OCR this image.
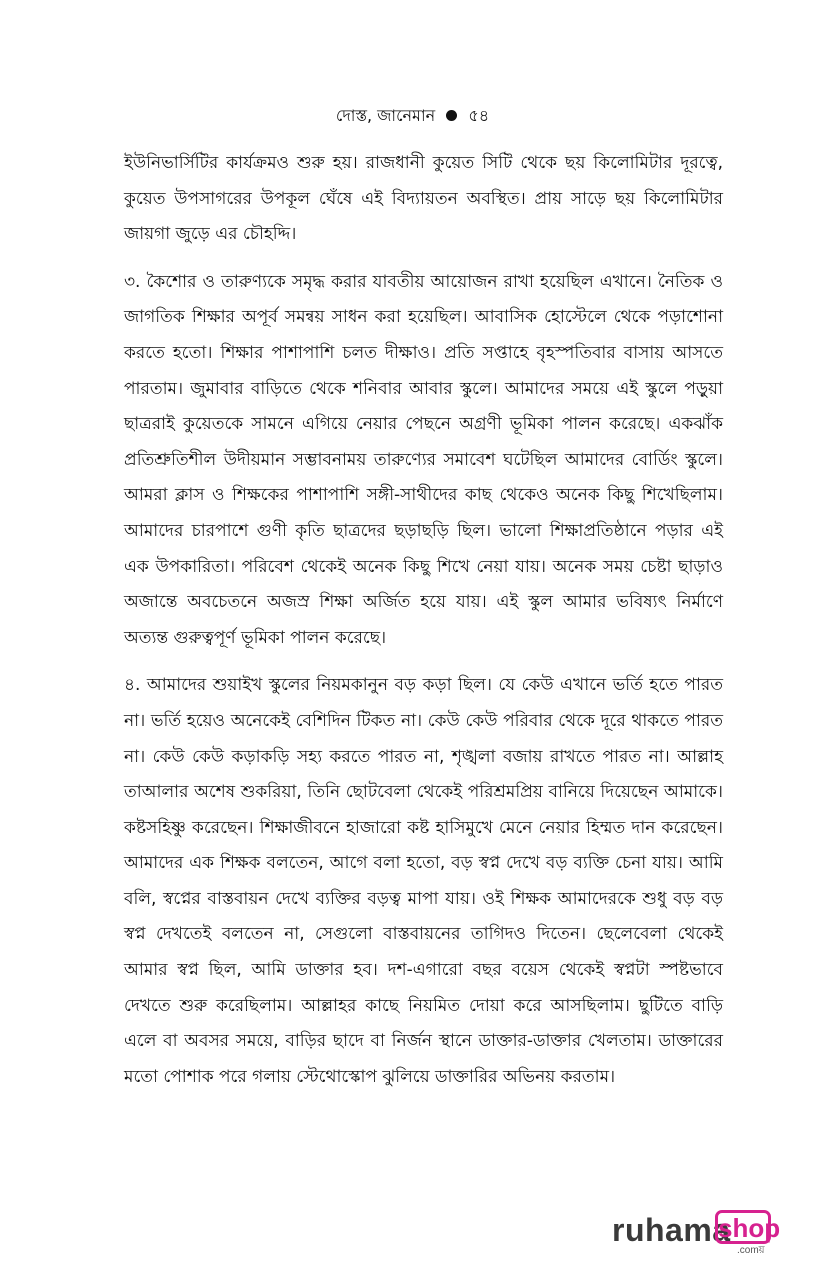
দোস্ত, জানেমান ৫৪

ইউনিভার্সিটির কার্যক্রমও শুরু হয়। রাজধানী কুয়েত সিটি থেকে ছয় কিলোমিটার দূরত্বে, কুয়েত উপসাগরের উপকূল ঘেঁষে এই বিদ্যায়তন অবস্থিত। প্রায় সাড়ে ছয় কিলোমিটার জায়গা জুড়ে এর চৌহদ্দি।

৩. কৈশোর ও তারুণ্যকে সমৃদ্ধ করার যাবতীয় আয়োজন রাখা হয়েছিল এখানে। নৈতিক ও জাগতিক শিক্ষার অপূর্ব সমন্বয় সাধন করা হয়েছিল। আবাসিক হোস্টেলে থেকে পড়াশোনা করতে হতো। শিক্ষার পাশাপাশি চলত দীক্ষাও। প্রতি সপ্তাহে বৃহস্পতিবার বাসায় আসতে পারতাম। জুমাবার বাড়িতে থেকে শনিবার আবার স্কুলে। আমাদের সময়ে এই স্কুলে পড়ুয়া ছাত্ররাই কুয়েতকে সামনে এগিয়ে নেয়ার পেছনে অগ্রণী ভূমিকা পালন করেছে। একঝাঁক প্রতিশ্রুতিশীল উদীয়মান সম্ভাবনাময় তারুণ্যের সমাবেশ ঘটেছিল আমাদের বোর্ডিং স্কুলে। আমরা ক্লাস ও শিক্ষকের পাশাপাশি সঙ্গী-সাথীদের কাছ থেকেও অনেক কিছু শিখেছিলাম। আমাদের চারপাশে গুণী কৃতি ছাত্রদের ছড়াছড়ি ছিল। ভালো শিক্ষাপ্রতিষ্ঠানে পড়ার এই এক উপকারিতা। পরিবেশ থেকেই অনেক কিছু শিখে নেয়া যায়। অনেক সময় চেষ্টা ছাড়াও অজান্তে অবচেতনে অজস্র শিক্ষা অর্জিত হয়ে যায়। এই স্কুল আমার ভবিষ্যৎ নির্মাণে অত্যন্ত গুরুত্বপূর্ণ ভূমিকা পালন করেছে।

৪. আমাদের শুয়াইখ স্কুলের নিয়মকানুন বড় কড়া ছিল। যে কেউ এখানে ভর্তি হতে পারত না। ভর্তি হয়েও অনেকেই বেশিদিন টিকত না। কেউ কেউ পরিবার থেকে দূরে থাকতে পারত না। কেউ কেউ কড়াকড়ি সহ্য করতে পারত না, শৃঙ্খলা বজায় রাখতে পারত না। আল্লাহ তাআলার অশেষ শুকরিয়া, তিনি ছোটবেলা থেকেই পরিশ্রমপ্রিয় বানিয়ে দিয়েছেন আমাকে। কষ্টসহিষ্ণু করেছেন। শিক্ষাজীবনে হাজারো কষ্ট হাসিমুখে মেনে নেয়ার হিম্মত দান করেছেন। আমাদের এক শিক্ষক বলতেন, আগে বলা হতো, বড় স্বপ্ন দেখে বড় ব্যক্তি চেনা যায়। আমি বলি, স্বপ্নের বাস্তবায়ন দেখে ব্যক্তির বড়ত্ব মাপা যায়। ওই শিক্ষক আমাদেরকে শুধু বড় বড় স্বপ্ন দেখতেই বলতেন না, সেগুলো বাস্তবায়নের তাগিদও দিতেন। ছেলেবেলা থেকেই আমার স্বপ্ন ছিল, আমি ডাক্তার হব। দশ-এগারো বছর বয়েস থেকেই স্বপ্নটা স্পষ্টভাবে দেখতে শুরু করেছিলাম। আল্লাহর কাছে নিয়মিত দোয়া করে আসছিলাম। ছুটিতে বাড়ি এলে বা অবসর সময়ে, বাড়ির ছাদে বা নির্জন স্থানে ডাক্তার-ডাক্তার খেলতাম। ডাক্তারের মতো পোশাক পরে গলায় স্টেথোস্কোপ ঝুলিয়ে ডাক্তারির অভিনয় করতাম।

ruhama
shop
.comয়
